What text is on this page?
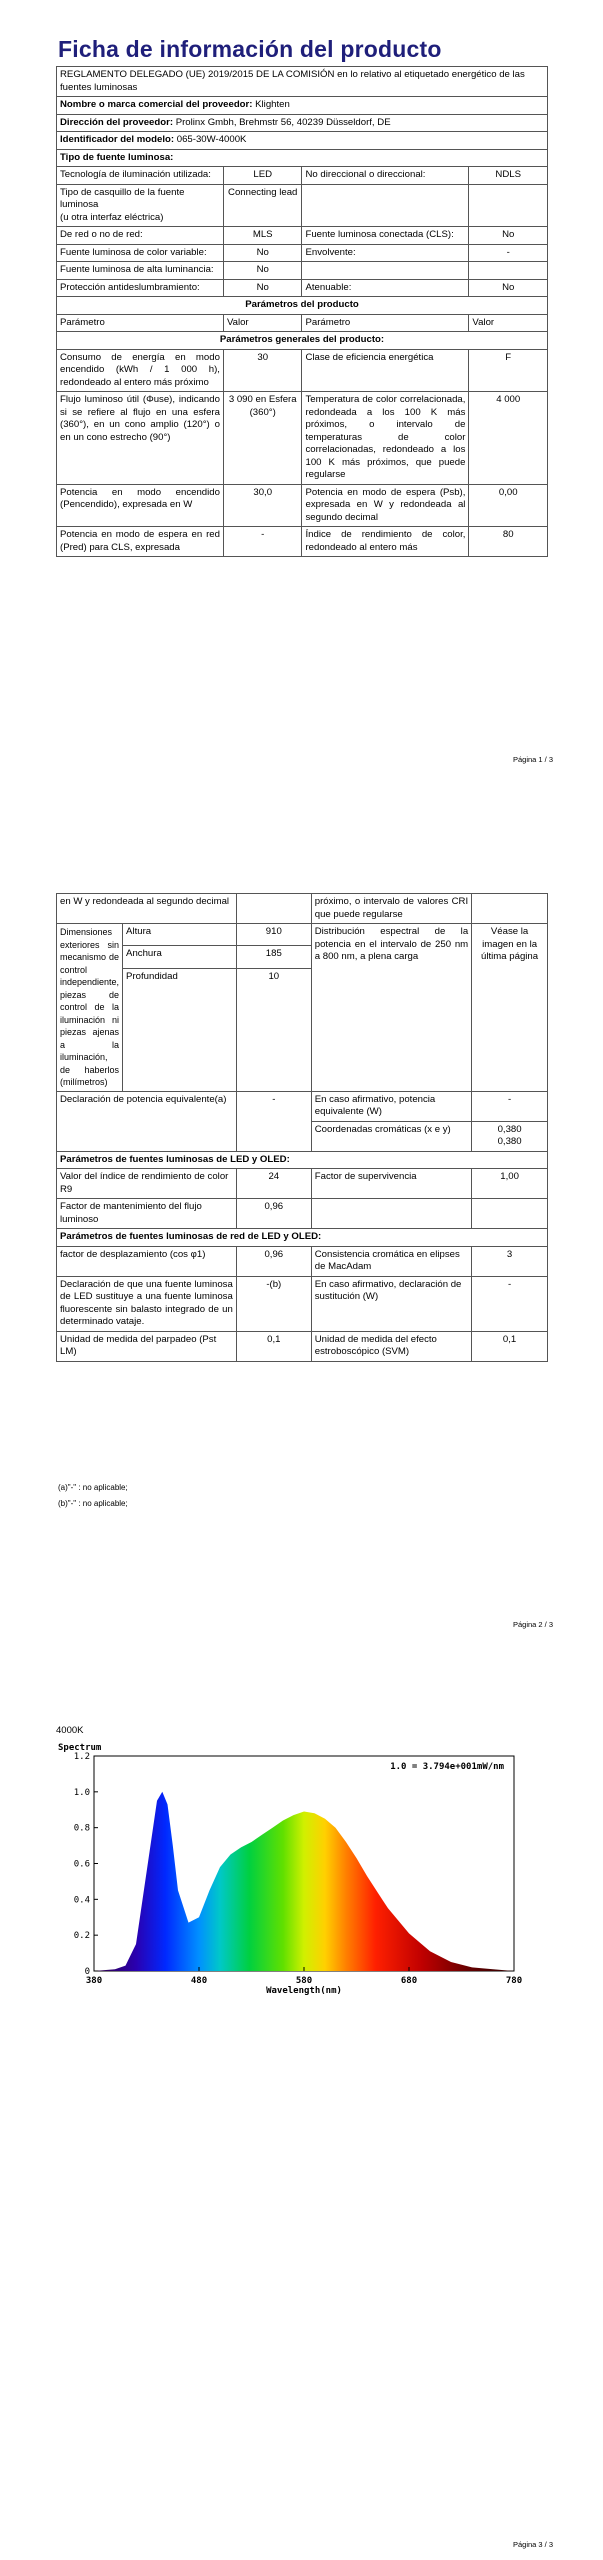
Ficha de información del producto
REGLAMENTO DELEGADO (UE) 2019/2015 DE LA COMISIÓN en lo relativo al etiquetado energético de las fuentes luminosas			
Nombre o marca comercial del proveedor: Klighten			
Dirección del proveedor: Prolinx Gmbh, Brehmstr 56, 40239 Düsseldorf, DE			
Identificador del modelo: 065-30W-4000K			
Tipo de fuente luminosa:			
Tecnología de iluminación utilizada:	LED	No direccional o direccional:	NDLS
Tipo de casquillo de la fuente luminosa
(u otra interfaz eléctrica)	Connecting lead		
De red o no de red:	MLS	Fuente luminosa conectada (CLS):	No
Fuente luminosa de color variable:	No	Envolvente:	-
Fuente luminosa de alta luminancia:	No		
Protección antideslumbramiento:	No	Atenuable:	No
Parámetros del producto			
Parámetro	Valor	Parámetro	Valor
Parámetros generales del producto:			
Consumo de energía en modo encendido (kWh / 1 000 h), redondeado al entero más próximo	30	Clase de eficiencia energética	F
Flujo luminoso útil (Φuse), indicando si se refiere al flujo en una esfera (360°), en un cono amplio (120°) o en un cono estrecho (90°)	3 090 en Esfera (360°)	Temperatura de color correlacionada, redondeada a los 100 K más próximos, o intervalo de temperaturas de color correlacionadas, redondeado a los 100 K más próximos, que puede regularse	4 000
Potencia en modo encendido (Pencendido), expresada en W	30,0	Potencia en modo de espera (Psb), expresada en W y redondeada al segundo decimal	0,00
Potencia en modo de espera en red (Pred) para CLS, expresada	-	Índice de rendimiento de color, redondeado al entero más	80
Página 1 / 3
en W y redondeada al segundo decimal			próximo, o intervalo de valores CRI que puede regularse	
Dimensiones exteriores sin mecanismo de control independiente, piezas de control de la iluminación ni piezas ajenas a la iluminación, de haberlos (milímetros)	Altura	910	Distribución espectral de la potencia en el intervalo de 250 nm a 800 nm, a plena carga	Véase la imagen en la última página
	Anchura	185		
	Profundidad	10		

Declaración de potencia equivalente(a)		-	En caso afirmativo, potencia equivalente (W)	-
			Coordenadas cromáticas (x e y)	0,380
0,380
Parámetros de fuentes luminosas de LED y OLED:				
Valor del índice de rendimiento de color R9		24	Factor de supervivencia	1,00
Factor de mantenimiento del flujo luminoso		0,96		
Parámetros de fuentes luminosas de red de LED y OLED:				
factor de desplazamiento (cos φ1)		0,96	Consistencia cromática en elipses de MacAdam	3
Declaración de que una fuente luminosa de LED sustituye a una fuente luminosa fluorescente sin balasto integrado de un determinado vataje.		-(b)	En caso afirmativo, declaración de sustitución (W)	-
Unidad de medida del parpadeo (Pst LM)		0,1	Unidad de medida del efecto estroboscópico (SVM)	0,1
(a)"-" : no aplicable;
(b)"-" : no aplicable;
Página 2 / 3
4000K
0
0.2
0.4
0.6
0.8
1.0
1.2
380	480	580	680	780
Spectrum
Wavelength(nm)
1.0 = 3.794e+001mW/nm
Página 3 / 3
